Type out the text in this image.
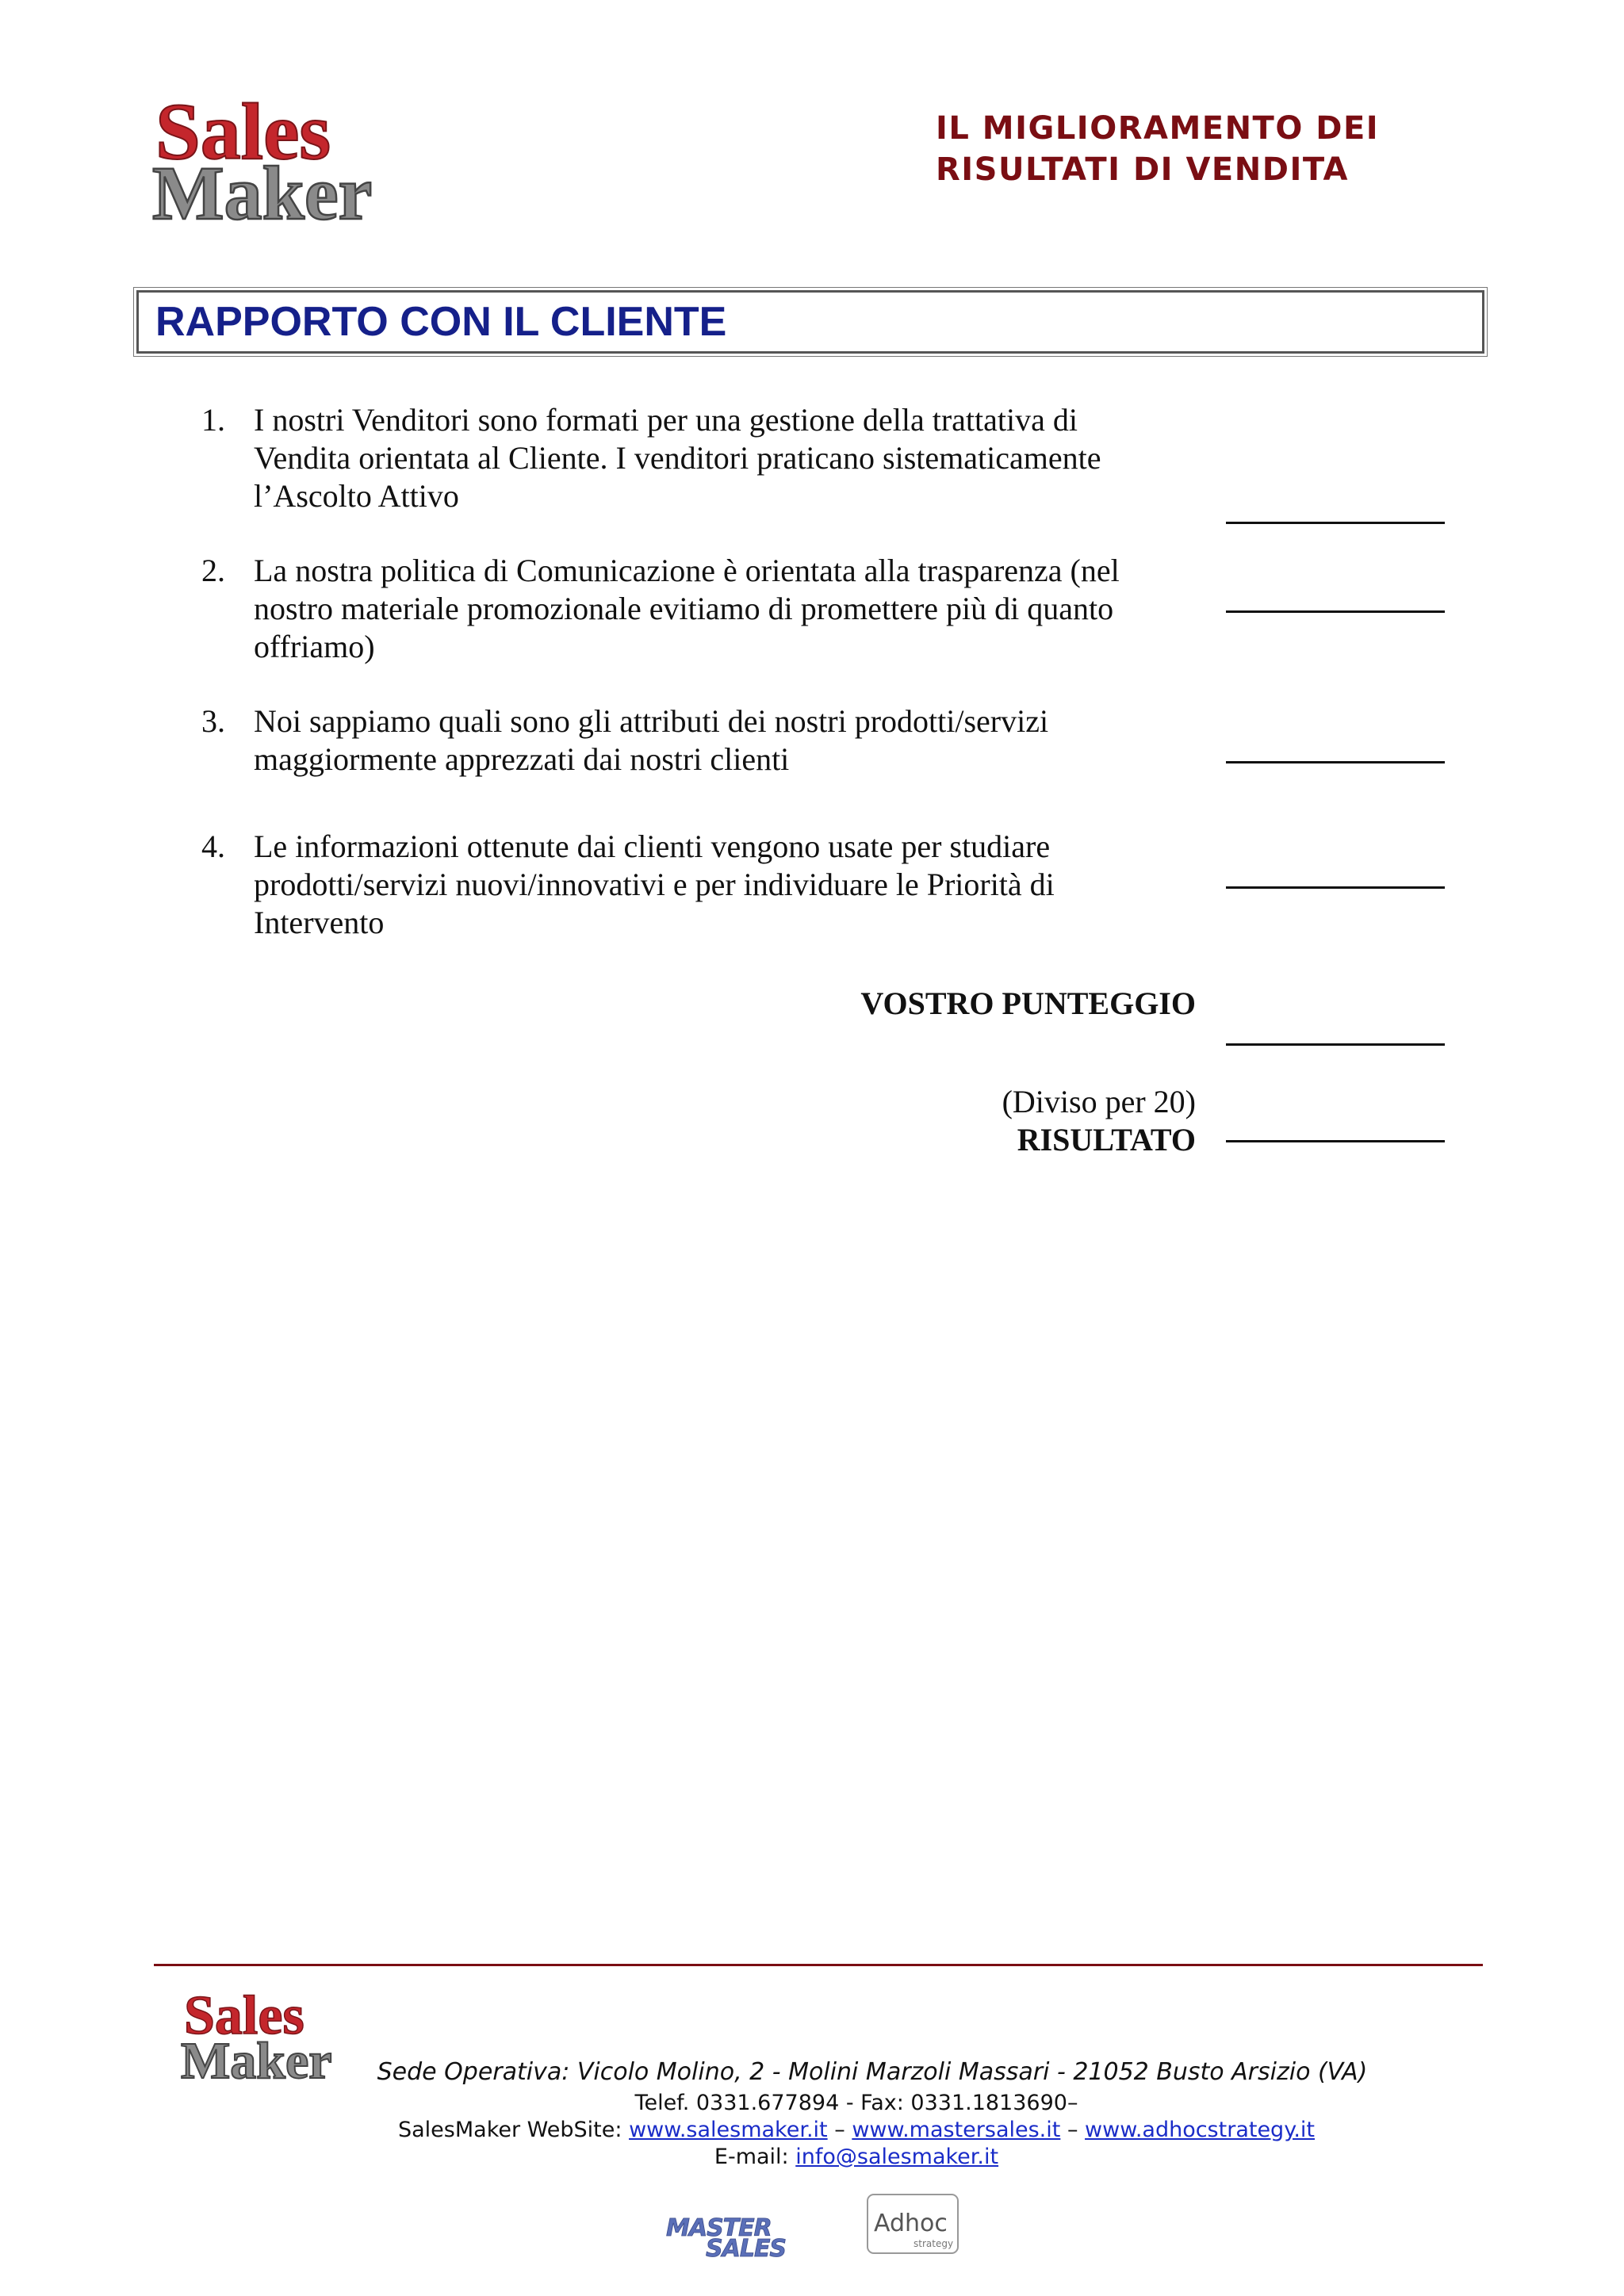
Sales
Maker
IL MIGLIORAMENTO DEI
RISULTATI DI VENDITA
RAPPORTO CON IL CLIENTE
1. I nostri Venditori sono formati per una gestione della trattativa di
Vendita orientata al Cliente. I venditori praticano sistematicamente
l’Ascolto Attivo
2. La nostra politica di Comunicazione è orientata alla trasparenza (nel
nostro materiale promozionale evitiamo di promettere più di quanto
offriamo)
3. Noi sappiamo quali sono gli attributi dei nostri prodotti/servizi
maggiormente apprezzati dai nostri clienti
4. Le informazioni ottenute dai clienti vengono usate per studiare
prodotti/servizi nuovi/innovativi e per individuare le Priorità di
Intervento
VOSTRO PUNTEGGIO
(Diviso per 20)
RISULTATO
Sales
Maker	Sede Operativa: Vicolo Molino, 2 - Molini Marzoli Massari - 21052 Busto Arsizio (VA)
Telef. 0331.677894 - Fax: 0331.1813690–
SalesMaker WebSite: www.salesmaker.it – www.mastersales.it – www.adhocstrategy.it
E-mail: info@salesmaker.it
MASTER
SALES
Adhoc
strategy
